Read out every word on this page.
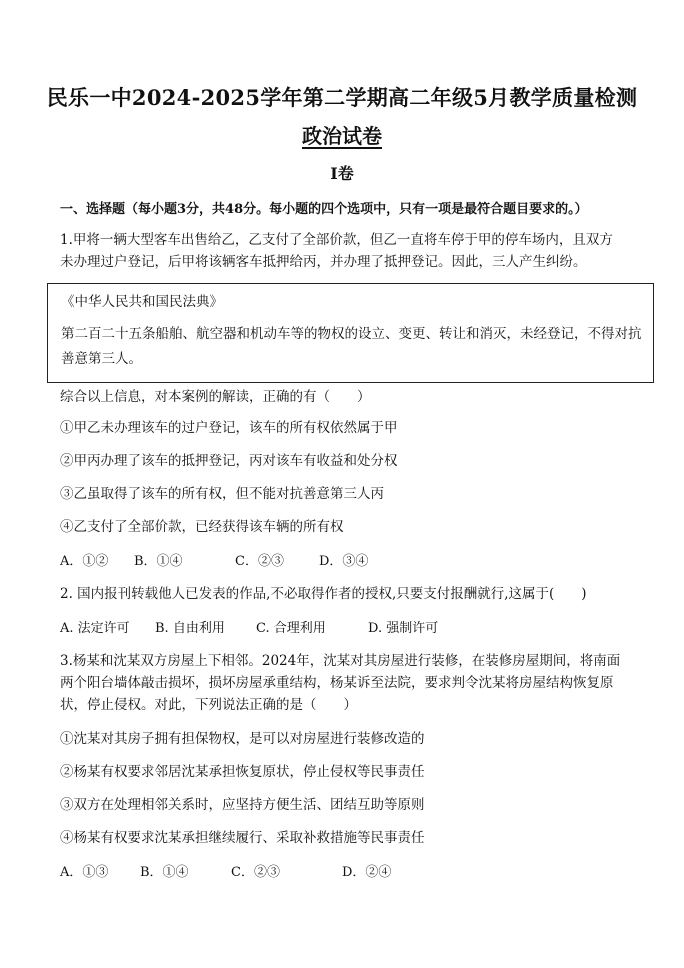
民乐一中2024-2025学年第二学期高二年级5月教学质量检测
政治试卷
I卷
一、选择题（每小题3分，共48分。每小题的四个选项中，只有一项是最符合题目要求的。）
1.甲将一辆大型客车出售给乙，乙支付了全部价款，但乙一直将车停于甲的停车场内，且双方
未办理过户登记，后甲将该辆客车抵押给丙，并办理了抵押登记。因此，三人产生纠纷。
《中华人民共和国民法典》
第二百二十五条船舶、航空器和机动车等的物权的设立、变更、转让和消灭，未经登记，不得对抗善意第三人。
综合以上信息，对本案例的解读，正确的有（　　）
①甲乙未办理该车的过户登记，该车的所有权依然属于甲
②甲丙办理了该车的抵押登记，丙对该车有收益和处分权
③乙虽取得了该车的所有权，但不能对抗善意第三人丙
④乙支付了全部价款，已经获得该车辆的所有权
A．①②	B．①④	C．②③	D．③④
2. 国内报刊转载他人已发表的作品,不必取得作者的授权,只要支付报酬就行,这属于(　　)
A. 法定许可	B. 自由利用	C. 合理利用	D. 强制许可
3.杨某和沈某双方房屋上下相邻。2024年，沈某对其房屋进行装修，在装修房屋期间，将南面
两个阳台墙体敲击损坏，损坏房屋承重结构，杨某诉至法院，要求判令沈某将房屋结构恢复原
状，停止侵权。对此，下列说法正确的是（　　）
①沈某对其房子拥有担保物权，是可以对房屋进行装修改造的
②杨某有权要求邻居沈某承担恢复原状，停止侵权等民事责任
③双方在处理相邻关系时，应坚持方便生活、团结互助等原则
④杨某有权要求沈某承担继续履行、采取补救措施等民事责任
A．①③	B．①④	C．②③	D．②④
